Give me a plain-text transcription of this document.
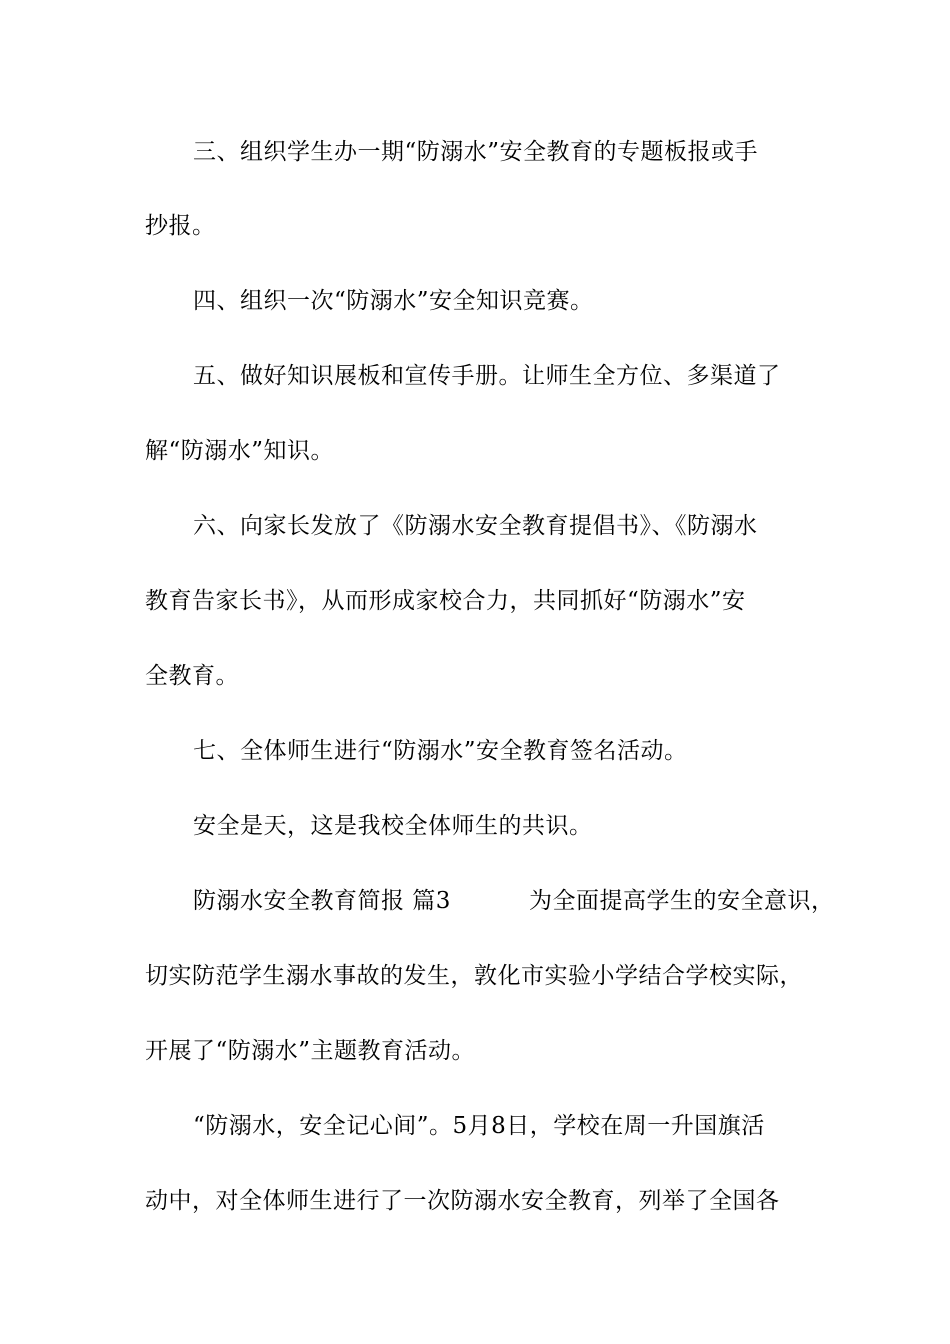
三、组织学生办一期“防溺水”安全教育的专题板报或手
抄报。
四、组织一次“防溺水”安全知识竞赛。
五、做好知识展板和宣传手册。让师生全方位、多渠道了
解“防溺水”知识。
六、向家长发放了《防溺水安全教育提倡书》、《防溺水
教育告家长书》，从而形成家校合力，共同抓好“防溺水”安
全教育。
七、全体师生进行“防溺水”安全教育签名活动。
安全是天，这是我校全体师生的共识。
防溺水安全教育简报 篇3	为全面提高学生的安全意识，
切实防范学生溺水事故的发生，敦化市实验小学结合学校实际，
开展了“防溺水”主题教育活动。
“防溺水，安全记心间”。5月8日，学校在周一升国旗活
动中，对全体师生进行了一次防溺水安全教育，列举了全国各
